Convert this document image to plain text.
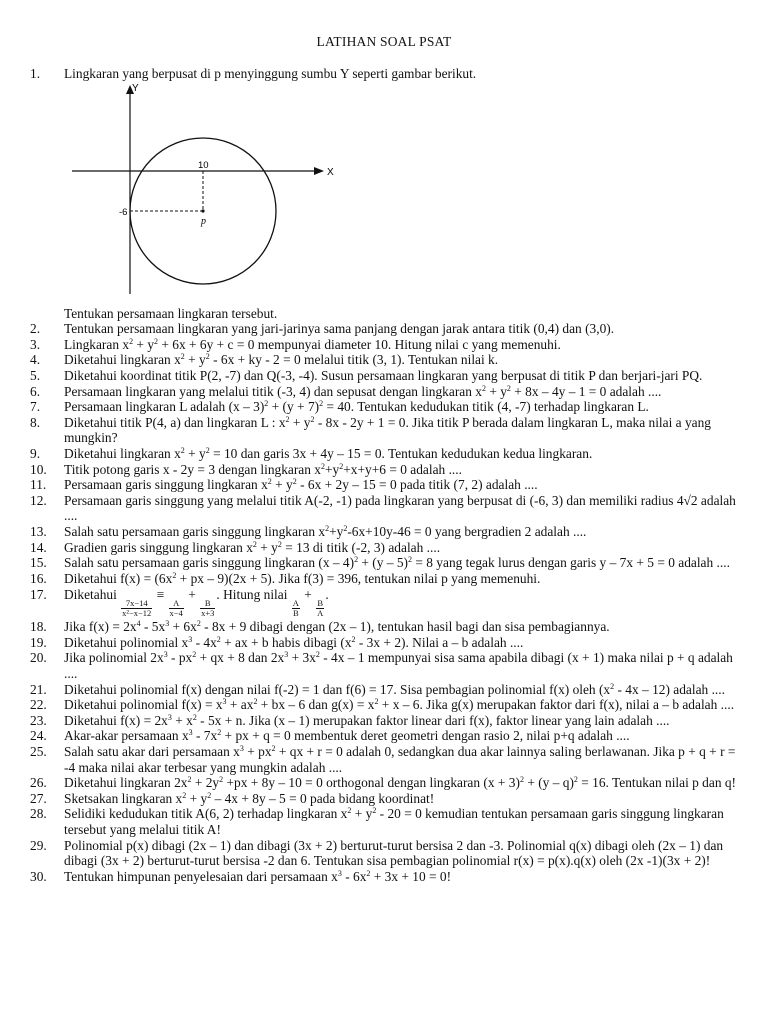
LATIHAN SOAL PSAT
Y
X
10
-6
p
1.	Lingkaran yang berpusat di p menyinggung sumbu Y seperti gambar berikut.
Tentukan persamaan lingkaran tersebut.
2.	Tentukan persamaan lingkaran yang jari-jarinya sama panjang dengan jarak antara titik (0,4) dan (3,0).
3.	Lingkaran $x^2 + y^2 + 6x + 6y + c = 0$ mempunyai diameter 10. Hitung nilai c yang memenuhi.
4.	Diketahui lingkaran $x^2 + y^2 - 6x$ + ky - 2 = 0 melalui titik (3, 1). Tentukan nilai k.
5.	Diketahui koordinat titik P(2, -7) dan Q(-3, -4). Susun persamaan lingkaran yang berpusat di titik P dan berjari-jari PQ.
6.	Persamaan lingkaran yang melalui titik (-3, 4) dan sepusat dengan lingkaran $x^2 + y^2 + 8x - 4y - 1 = 0$ adalah ....
7.	Persamaan lingkaran L adalah $(x - 3)^2 + (y + 7)^2 = 40$. Tentukan kedudukan titik (4, -7) terhadap lingkaran L.
8.	Diketahui titik P(4, a) dan lingkaran L : $x^2 + y^2 - 8x - 2y + 1 = 0$. Jika titik P berada dalam lingkaran L, maka nilai a yang mungkin?
9.	Diketahui lingkaran $x^2 + y^2 = 10$ dan garis 3x + 4y – 15 = 0. Tentukan kedudukan kedua lingkaran.
10.	Titik potong garis x - 2y = 3 dengan lingkaran $x^2+y^2+x+y+6 = 0$ adalah ....
11.	Persamaan garis singgung lingkaran $x^2 + y^2 - 6x + 2y - 15 = 0$ pada titik (7, 2) adalah ....
12.	Persamaan garis singgung yang melalui titik A(-2, -1) pada lingkaran yang berpusat di (-6, 3) dan memiliki radius 4√2 adalah ....
13.	Salah satu persamaan garis singgung lingkaran $x^2+y^2-6x+10y-46 = 0$ yang bergradien 2 adalah ....
14.	Gradien garis singgung lingkaran $x^2 + y^2 = 13$ di titik (-2, 3) adalah ....
15.	Salah satu persamaan garis singgung lingkaran (x – 4)$^2$ + (y – 5)$^2$ = 8 yang tegak lurus dengan garis y – 7x + 5 = 0 adalah ....
16.	Diketahui $f(x) = (6x^2$ + px – 9)(2x + 5). Jika f(3) = 396, tentukan nilai p yang memenuhi.
17.	Diketahui
$\frac{7x-14}{\text{x²−x−12}}$
≡
$\frac{A}{x-4}$
+
$\frac{B}{x+3}$
. Hitung nilai
$\frac{A}{B}$
+
$\frac{B}{A}$
.
18.	Jika $f(x) = 2x^4 - 5x^3 + 6x^2 - 8x + 9$ dibagi dengan (2x – 1), tentukan hasil bagi dan sisa pembagiannya.
19.	Diketahui polinomial $x^3 - 4x^2$ + ax + b habis dibagi $(x^2 - 3x + 2)$. Nilai a – b adalah ....
20.	Jika polinomial $2x^3 - px^2$ + qx + 8 dan $2x^3 + 3x^2 - 4x - 1$ mempunyai sisa sama apabila dibagi (x + 1) maka nilai p + q adalah ....
21.	Diketahui polinomial f(x) dengan nilai f(-2) = 1 dan f(6) = 17. Sisa pembagian polinomial f(x) oleh $(x^2 - 4x - 12)$ adalah ....
22.	Diketahui polinomial $f(x) = x^3 + ax^2$ + bx – 6 dan $g(x) = x^2 + x - 6$. Jika g(x) merupakan faktor dari f(x), nilai a – b adalah ....
23.	Diketahui $f(x) = 2x^3 + x^2 - 5x + n$. Jika (x – 1) merupakan faktor linear dari f(x), faktor linear yang lain adalah ....
24.	Akar-akar persamaan $x^3 - 7x^2$ + px + q = 0 membentuk deret geometri dengan rasio 2, nilai p+q adalah ....
25.	Salah satu akar dari persamaan $x^3 + px^2$ + qx + r = 0 adalah 0, sedangkan dua akar lainnya saling berlawanan. Jika p + q + r = -4 maka nilai akar terbesar yang mungkin adalah ....
26.	Diketahui lingkaran $2x^2 + 2y^2 +px + 8y - 10 = 0$ orthogonal dengan lingkaran $(x + 3)^2 + (y - q)^2 = 16$. Tentukan nilai p dan q!
27.	Sketsakan lingkaran $x^2 + y^2 - 4x + 8y - 5 = 0$ pada bidang koordinat!
28.	Selidiki kedudukan titik A(6, 2) terhadap lingkaran $x^2 + y^2 - 20 = 0$ kemudian tentukan persamaan garis singgung lingkaran tersebut yang melalui titik A!
29.	Polinomial p(x) dibagi (2x – 1) dan dibagi (3x + 2) berturut-turut bersisa 2 dan -3. Polinomial q(x) dibagi oleh (2x – 1) dan dibagi (3x + 2) berturut-turut bersisa -2 dan 6. Tentukan sisa pembagian polinomial r(x) = p(x).q(x) oleh (2x -1)(3x + 2)!
30.	Tentukan himpunan penyelesaian dari persamaan $x^3 - 6x^2 + 3x + 10 = 0$!
